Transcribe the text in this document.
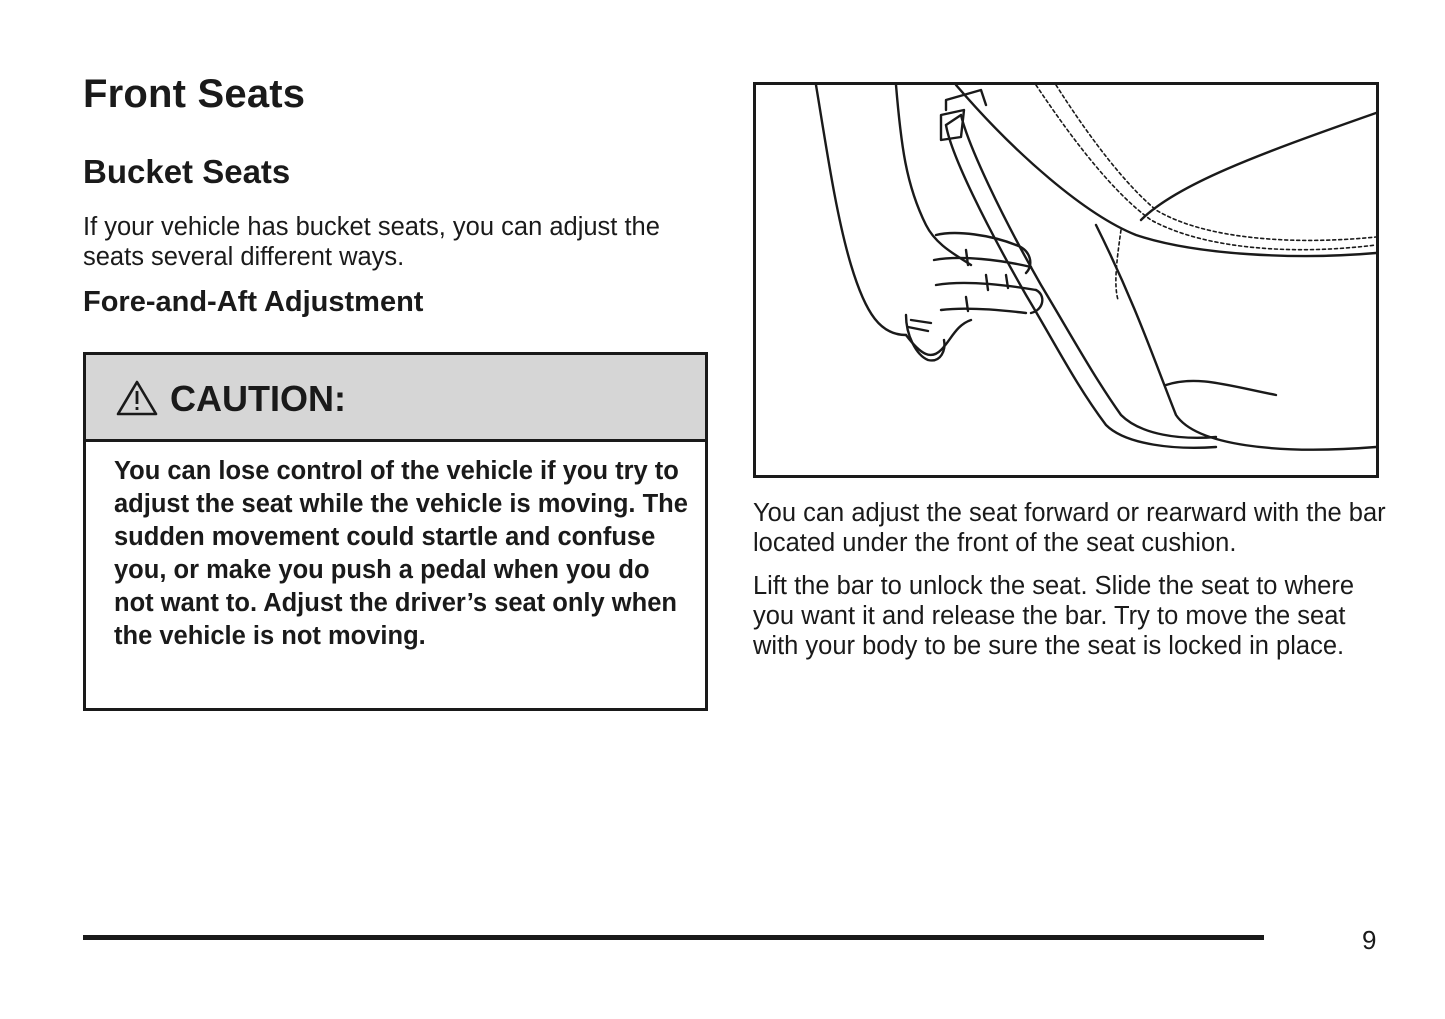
Front Seats
Bucket Seats

If your vehicle has bucket seats, you can adjust the seats several different ways.

Fore-and-Aft Adjustment
CAUTION:

You can lose control of the vehicle if you try to adjust the seat while the vehicle is moving. The sudden movement could startle and confuse you, or make you push a pedal when you do not want to. Adjust the driver’s seat only when the vehicle is not moving.

You can adjust the seat forward or rearward with the bar located under the front of the seat cushion.

Lift the bar to unlock the seat. Slide the seat to where you want it and release the bar. Try to move the seat with your body to be sure the seat is locked in place.

9
